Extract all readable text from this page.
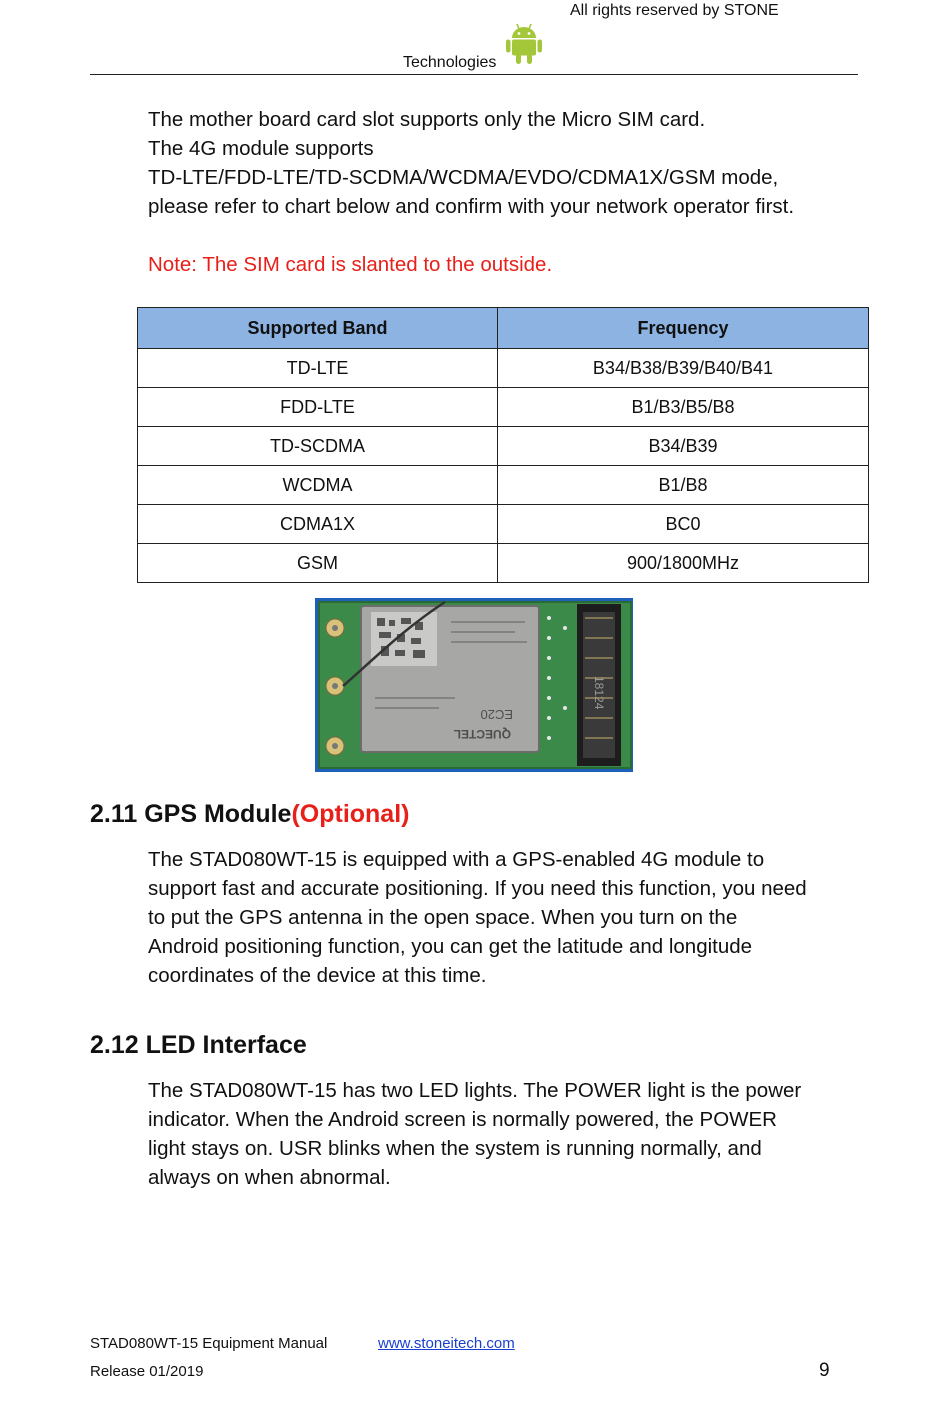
All rights reserved by STONE
Technologies
The mother board card slot supports only the Micro SIM card.
The 4G module supports
TD-LTE/FDD-LTE/TD-SCDMA/WCDMA/EVDO/CDMA1X/GSM mode,
please refer to chart below and confirm with your network operator first.
Note: The SIM card is slanted to the outside.
Supported Band	Frequency
TD-LTE	B34/B38/B39/B40/B41
FDD-LTE	B1/B3/B5/B8
TD-SCDMA	B34/B39
WCDMA	B1/B8
CDMA1X	BC0
GSM	900/1800MHz
EC20
QUECTEL
18124
2.11 GPS Module(Optional)
The STAD080WT-15 is equipped with a GPS-enabled 4G module to
support fast and accurate positioning. If you need this function, you need
to put the GPS antenna in the open space. When you turn on the
Android positioning function, you can get the latitude and longitude
coordinates of the device at this time.
2.12 LED Interface
The STAD080WT-15 has two LED lights. The POWER light is the power
indicator. When the Android screen is normally powered, the POWER
light stays on. USR blinks when the system is running normally, and
always on when abnormal.
STAD080WT-15 Equipment Manual	www.stoneitech.com
Release 01/2019	9
